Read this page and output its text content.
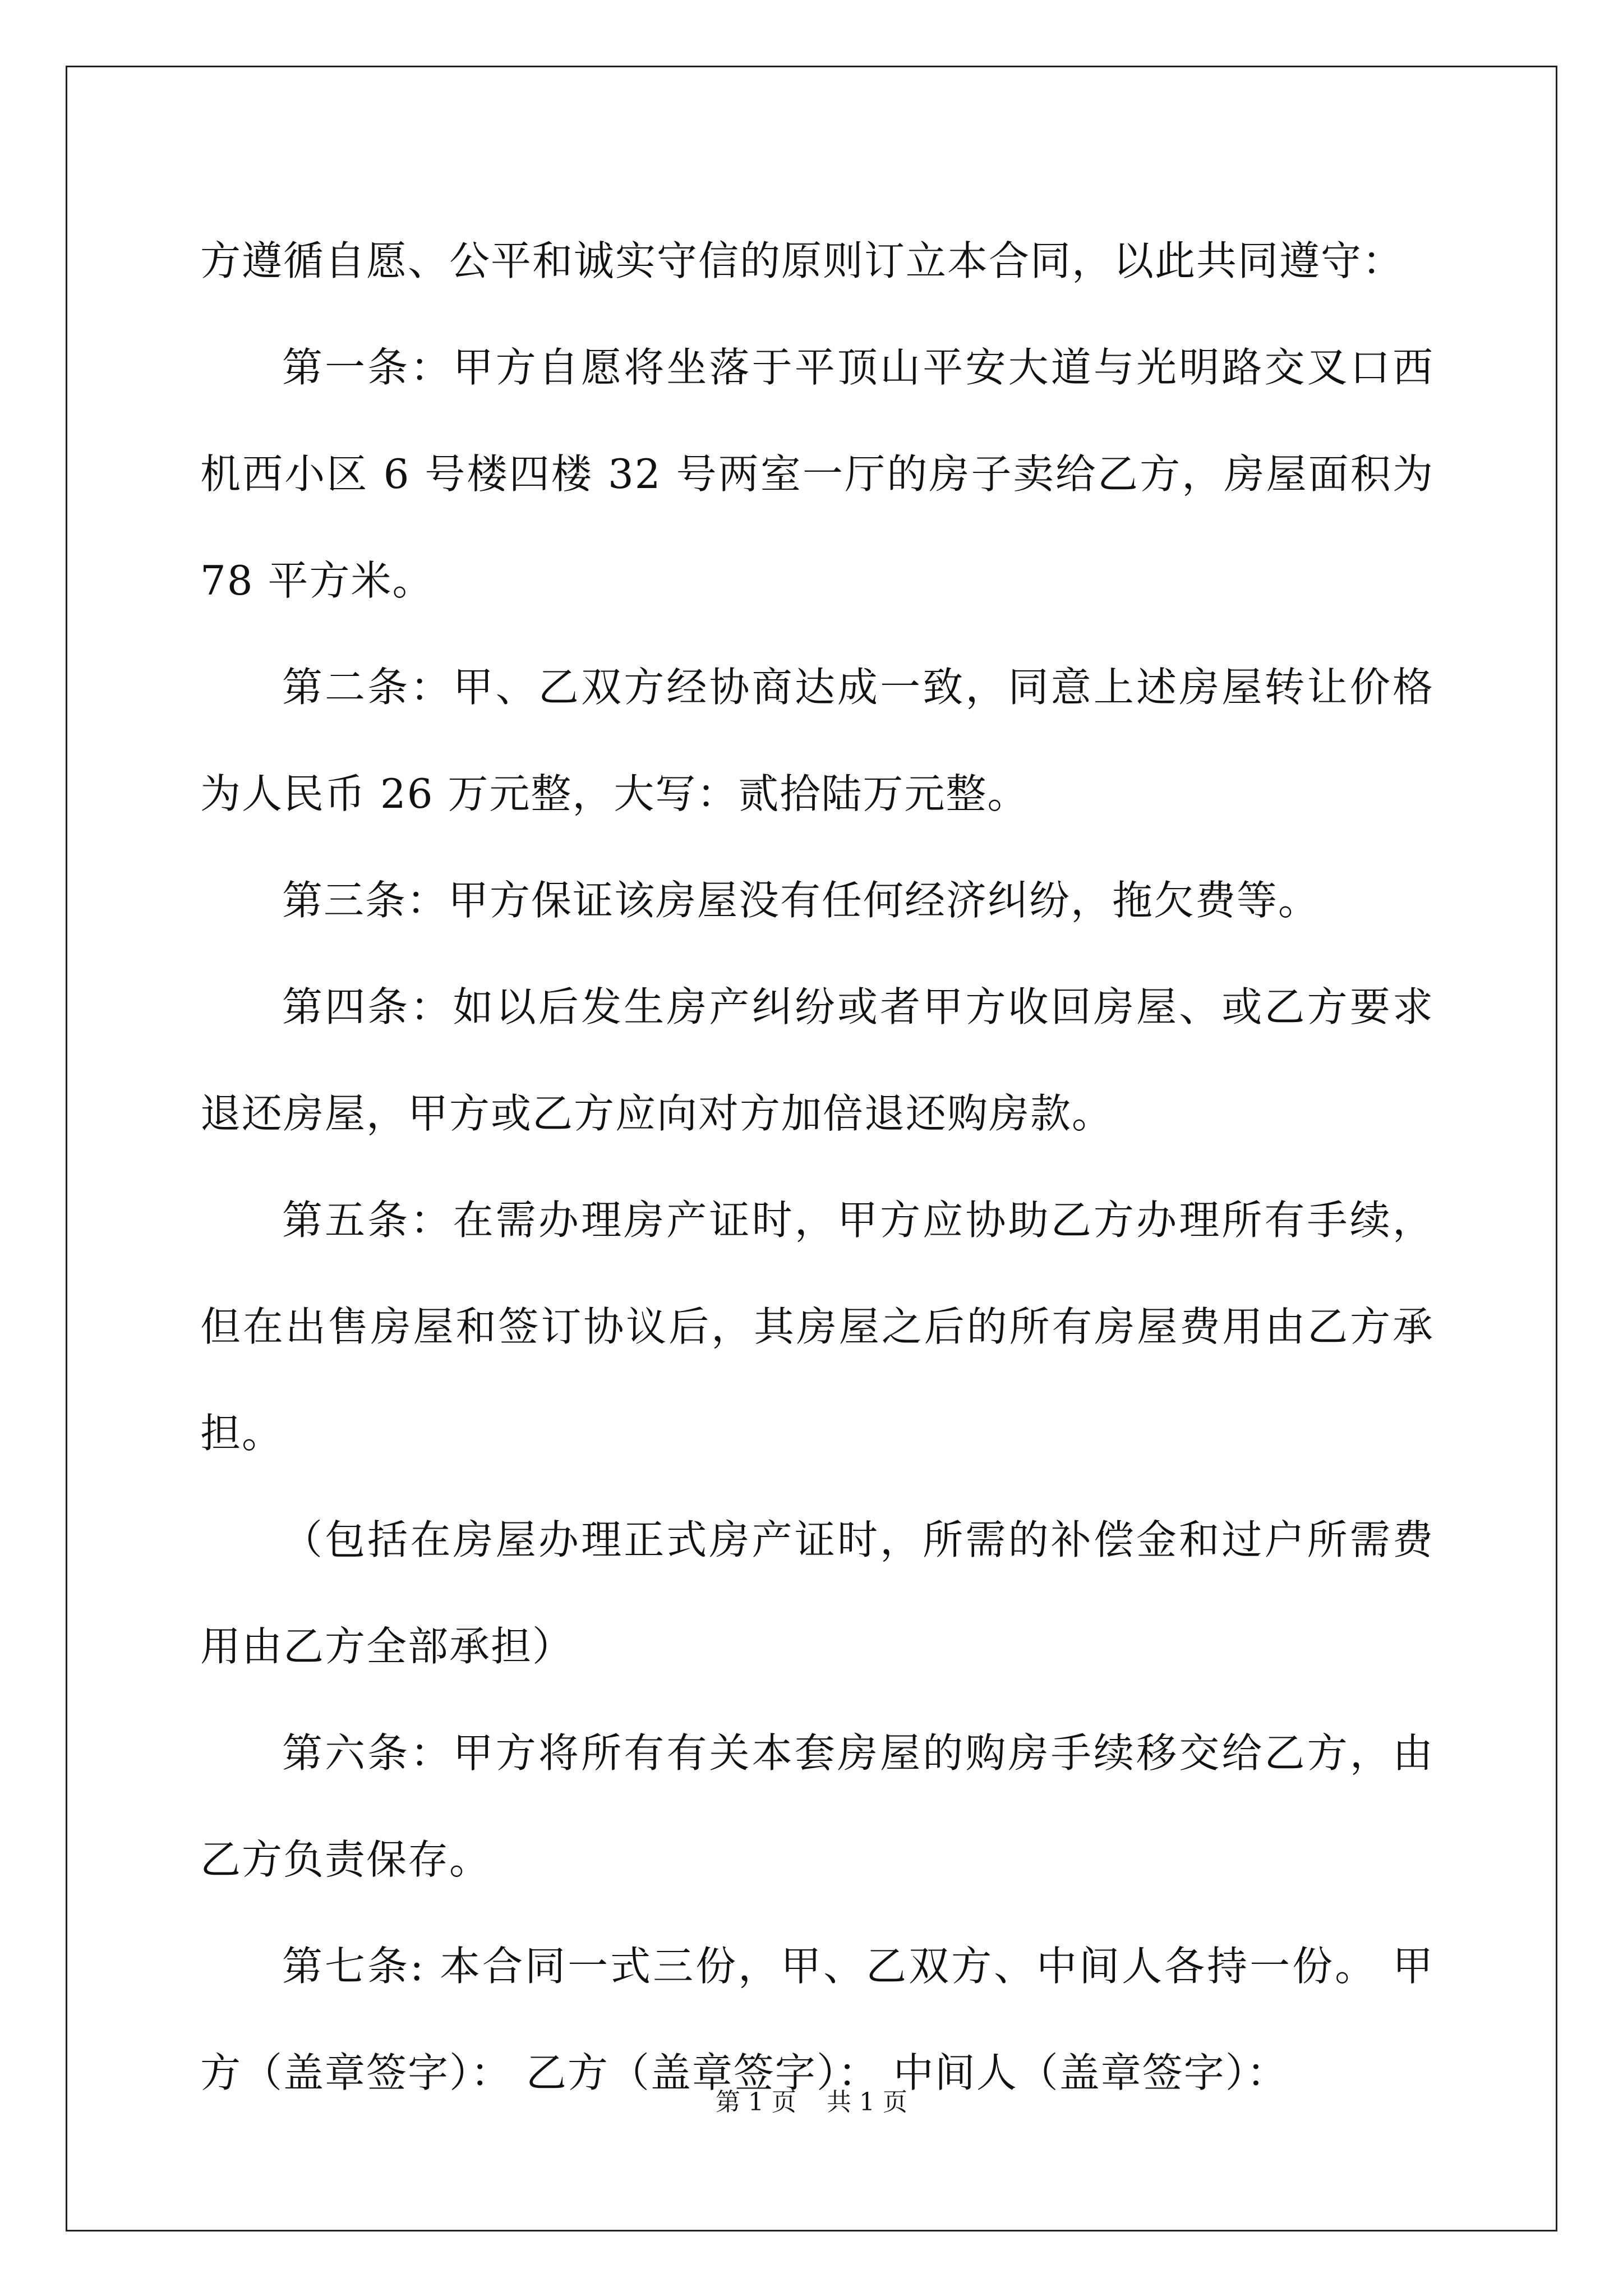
方遵循自愿、公平和诚实守信的原则订立本合同，以此共同遵守：

第一条：甲方自愿将坐落于平顶山平安大道与光明路交叉口西机西小区 6 号楼四楼 32 号两室一厅的房子卖给乙方，房屋面积为 78 平方米。

第二条：甲、乙双方经协商达成一致，同意上述房屋转让价格为人民币 26 万元整，大写：贰拾陆万元整。

第三条：甲方保证该房屋没有任何经济纠纷，拖欠费等。

第四条：如以后发生房产纠纷或者甲方收回房屋、或乙方要求退还房屋，甲方或乙方应向对方加倍退还购房款。

第五条：在需办理房产证时，甲方应协助乙方办理所有手续，但在出售房屋和签订协议后，其房屋之后的所有房屋费用由乙方承担。

（包括在房屋办理正式房产证时，所需的补偿金和过户所需费用由乙方全部承担）

第六条：甲方将所有有关本套房屋的购房手续移交给乙方，由乙方负责保存。

第七条: 本合同一式三份，甲、乙双方、中间人各持一份。 甲方（盖章签字）： 乙方（盖章签字）： 中间人（盖章签字）：

第 1 页 共 1 页
